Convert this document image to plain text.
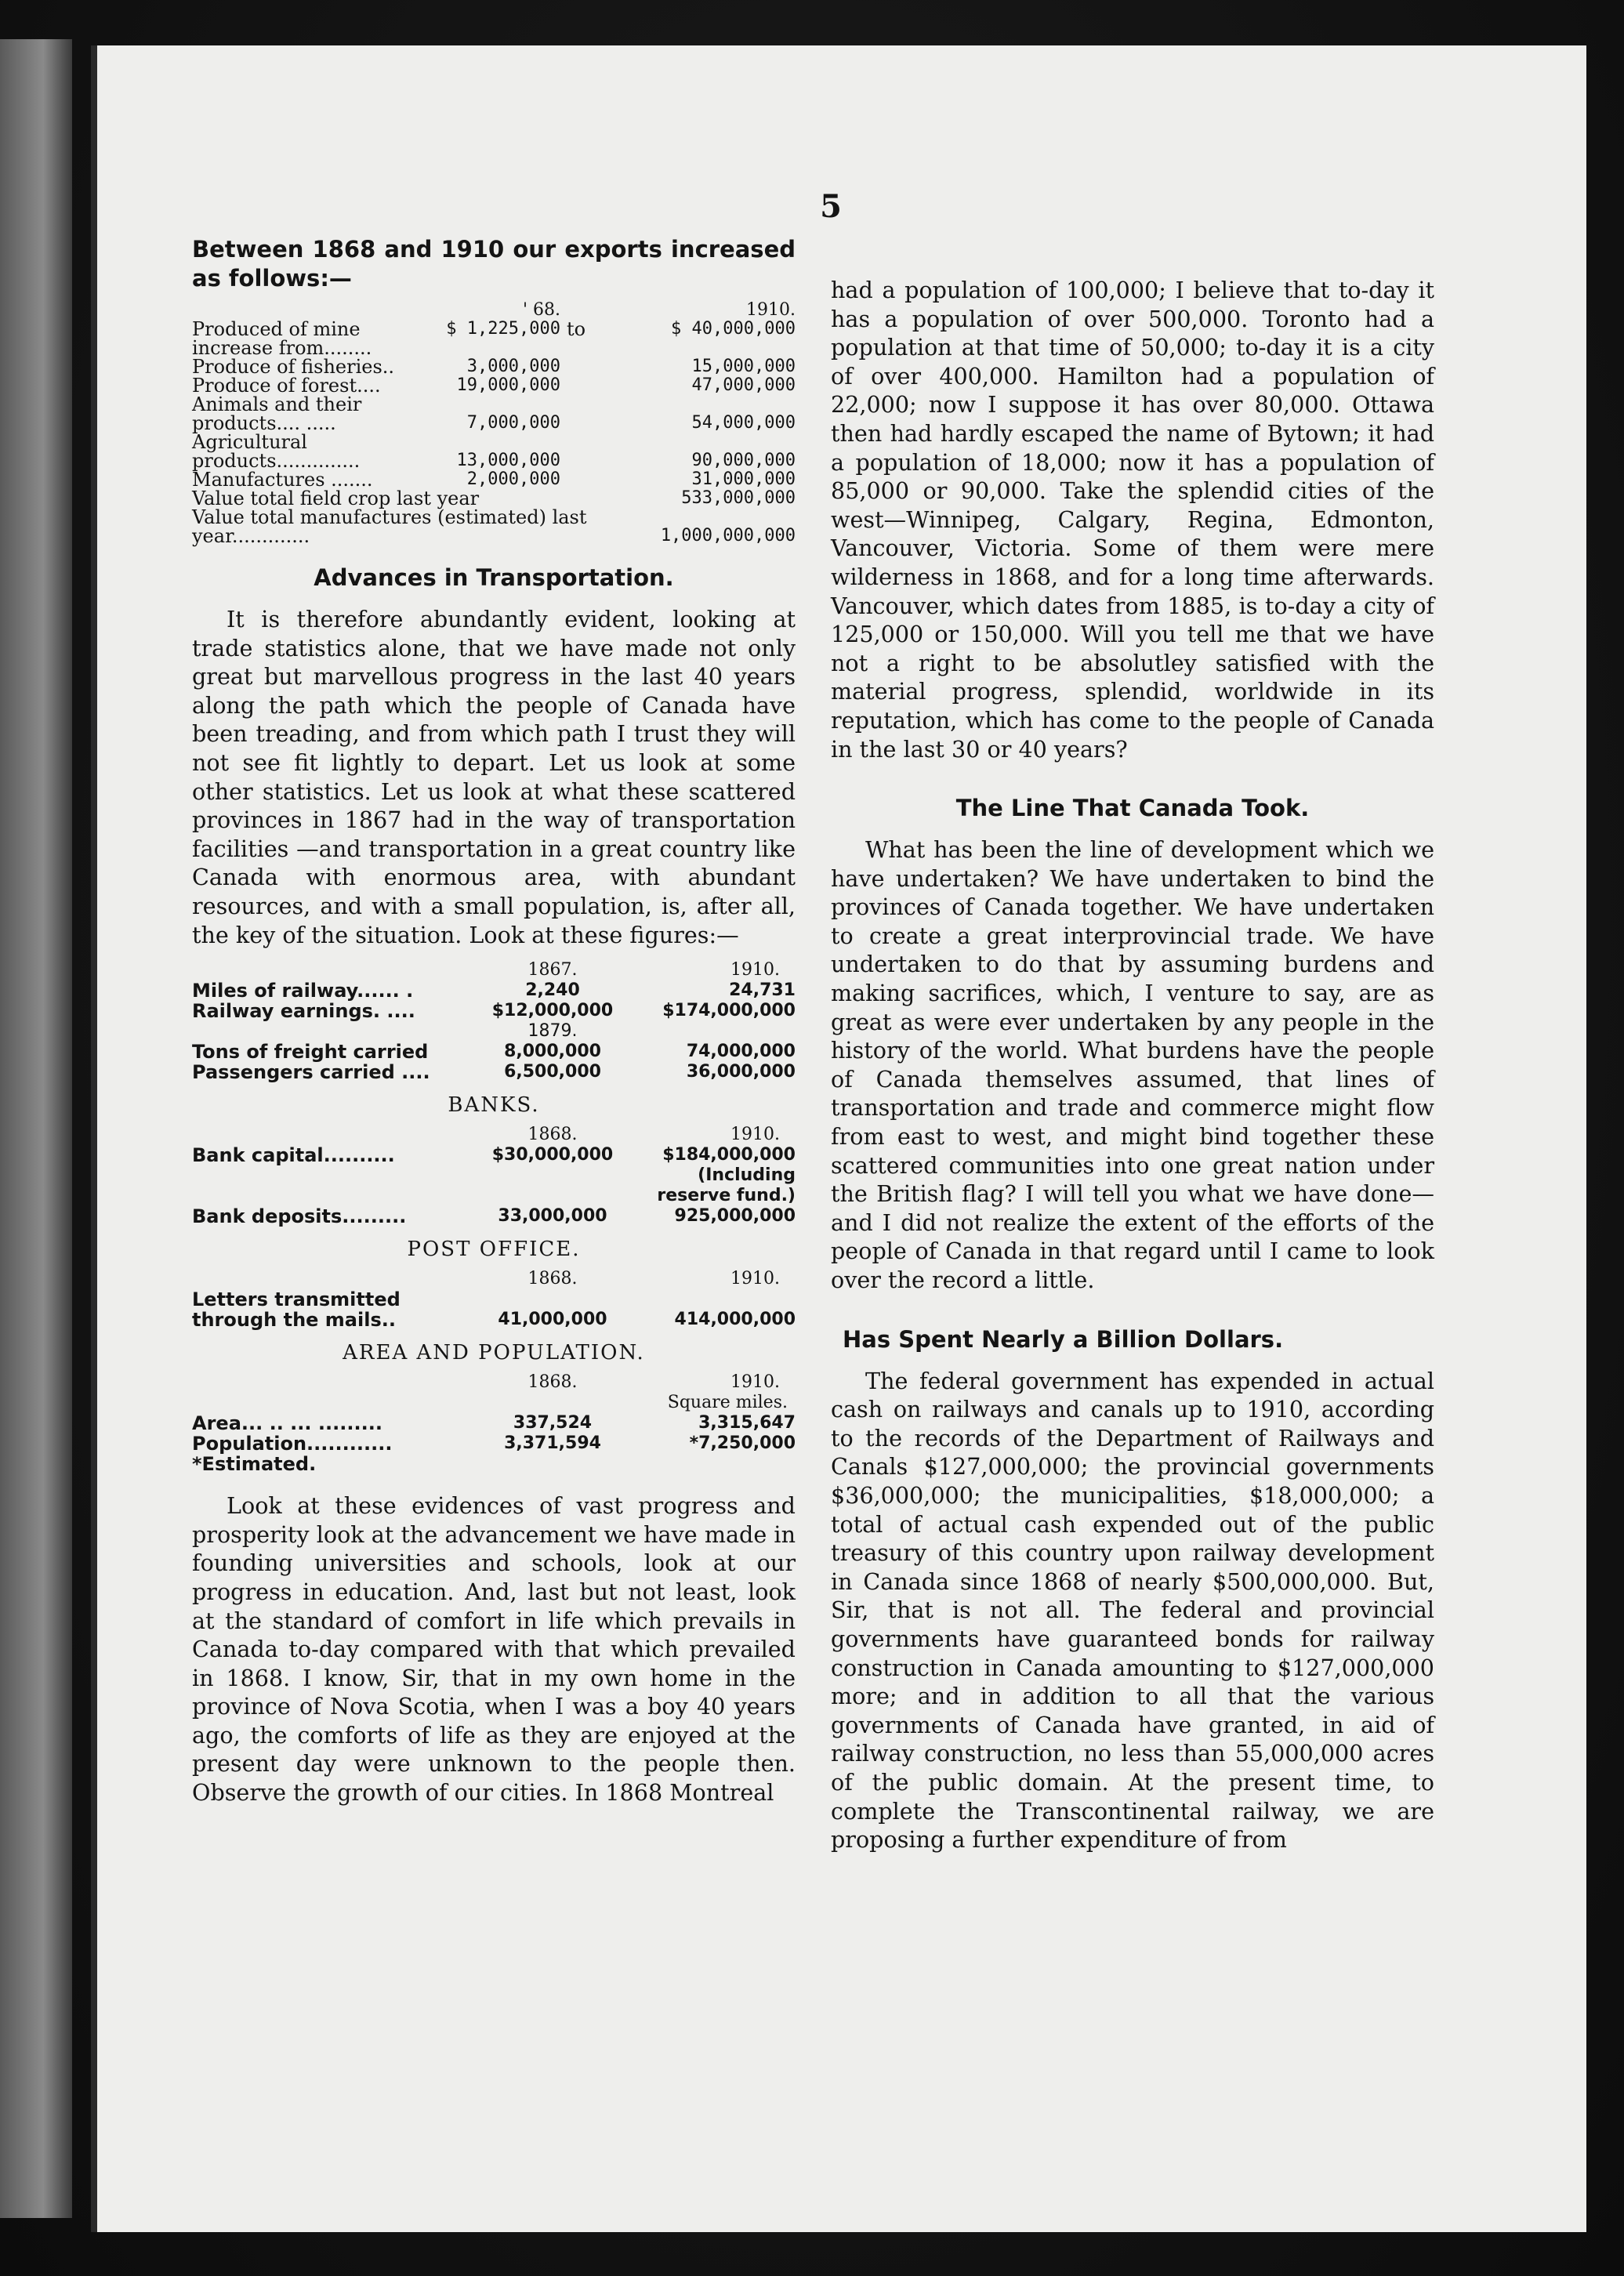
5

Between 1868 and 1910 our exports increased as follows:—

	' 68.		1910.
Produced of mine increase from........	$ 1,225,000	to	$ 40,000,000
Produce of fisheries..	3,000,000		15,000,000
Produce of forest....	19,000,000		47,000,000
Animals and their products.... .....	7,000,000		54,000,000
Agricultural products..............	13,000,000		90,000,000
Manufactures .......	2,000,000		31,000,000
Value total field crop last year			533,000,000
Value total manufactures (estimated) last year.............			1,000,000,000
Advances in Transportation.

It is therefore abundantly evident, looking at trade statistics alone, that we have made not only great but marvellous progress in the last 40 years along the path which the people of Canada have been treading, and from which path I trust they will not see fit lightly to depart. Let us look at some other statistics. Let us look at what these scattered provinces in 1867 had in the way of transportation facilities —and transportation in a great country like Canada with enormous area, with abundant resources, and with a small population, is, after all, the key of the situation. Look at these figures:—

	1867.	1910.
Miles of railway...... .	2,240	24,731
Railway earnings. ....	$12,000,000	$174,000,000
	1879.	
Tons of freight carried	8,000,000	74,000,000
Passengers carried ....	6,500,000	36,000,000
BANKS.
	1868.	1910.
Bank capital..........	$30,000,000	$184,000,000
		(Including reserve fund.)
Bank deposits.........	33,000,000	925,000,000
POST OFFICE.
	1868.	1910.
Letters transmitted through the mails..	41,000,000	414,000,000
AREA AND POPULATION.
	1868.	1910.
	Square miles.	
Area... .. ... .........	337,524	3,315,647
Population............	3,371,594	*7,250,000
*Estimated.		

Look at these evidences of vast progress and prosperity look at the advancement we have made in founding universities and schools, look at our progress in education. And, last but not least, look at the standard of comfort in life which prevails in Canada to-day compared with that which prevailed in 1868. I know, Sir, that in my own home in the province of Nova Scotia, when I was a boy 40 years ago, the comforts of life as they are enjoyed at the present day were unknown to the people then. Observe the growth of our cities. In 1868 Montreal

had a population of 100,000; I believe that to-day it has a population of over 500,000. Toronto had a population at that time of 50,000; to-day it is a city of over 400,000. Hamilton had a population of 22,000; now I suppose it has over 80,000. Ottawa then had hardly escaped the name of Bytown; it had a population of 18,000; now it has a population of 85,000 or 90,000. Take the splendid cities of the west—Winnipeg, Calgary, Regina, Edmonton, Vancouver, Victoria. Some of them were mere wilderness in 1868, and for a long time afterwards. Vancouver, which dates from 1885, is to-day a city of 125,000 or 150,000. Will you tell me that we have not a right to be absolutley satisfied with the material progress, splendid, worldwide in its reputation, which has come to the people of Canada in the last 30 or 40 years?

The Line That Canada Took.

What has been the line of development which we have undertaken? We have undertaken to bind the provinces of Canada together. We have undertaken to create a great interprovincial trade. We have undertaken to do that by assuming burdens and making sacrifices, which, I venture to say, are as great as were ever undertaken by any people in the history of the world. What burdens have the people of Canada themselves assumed, that lines of transportation and trade and commerce might flow from east to west, and might bind together these scattered communities into one great nation under the British flag? I will tell you what we have done—and I did not realize the extent of the efforts of the people of Canada in that regard until I came to look over the record a little.

Has Spent Nearly a Billion Dollars.

The federal government has expended in actual cash on railways and canals up to 1910, according to the records of the Department of Railways and Canals $127,000,000; the provincial governments $36,000,000; the municipalities, $18,000,000; a total of actual cash expended out of the public treasury of this country upon railway development in Canada since 1868 of nearly $500,000,000. But, Sir, that is not all. The federal and provincial governments have guaranteed bonds for railway construction in Canada amounting to $127,000,000 more; and in addition to all that the various governments of Canada have granted, in aid of railway construction, no less than 55,000,000 acres of the public domain. At the present time, to complete the Transcontinental railway, we are proposing a further expenditure of from
